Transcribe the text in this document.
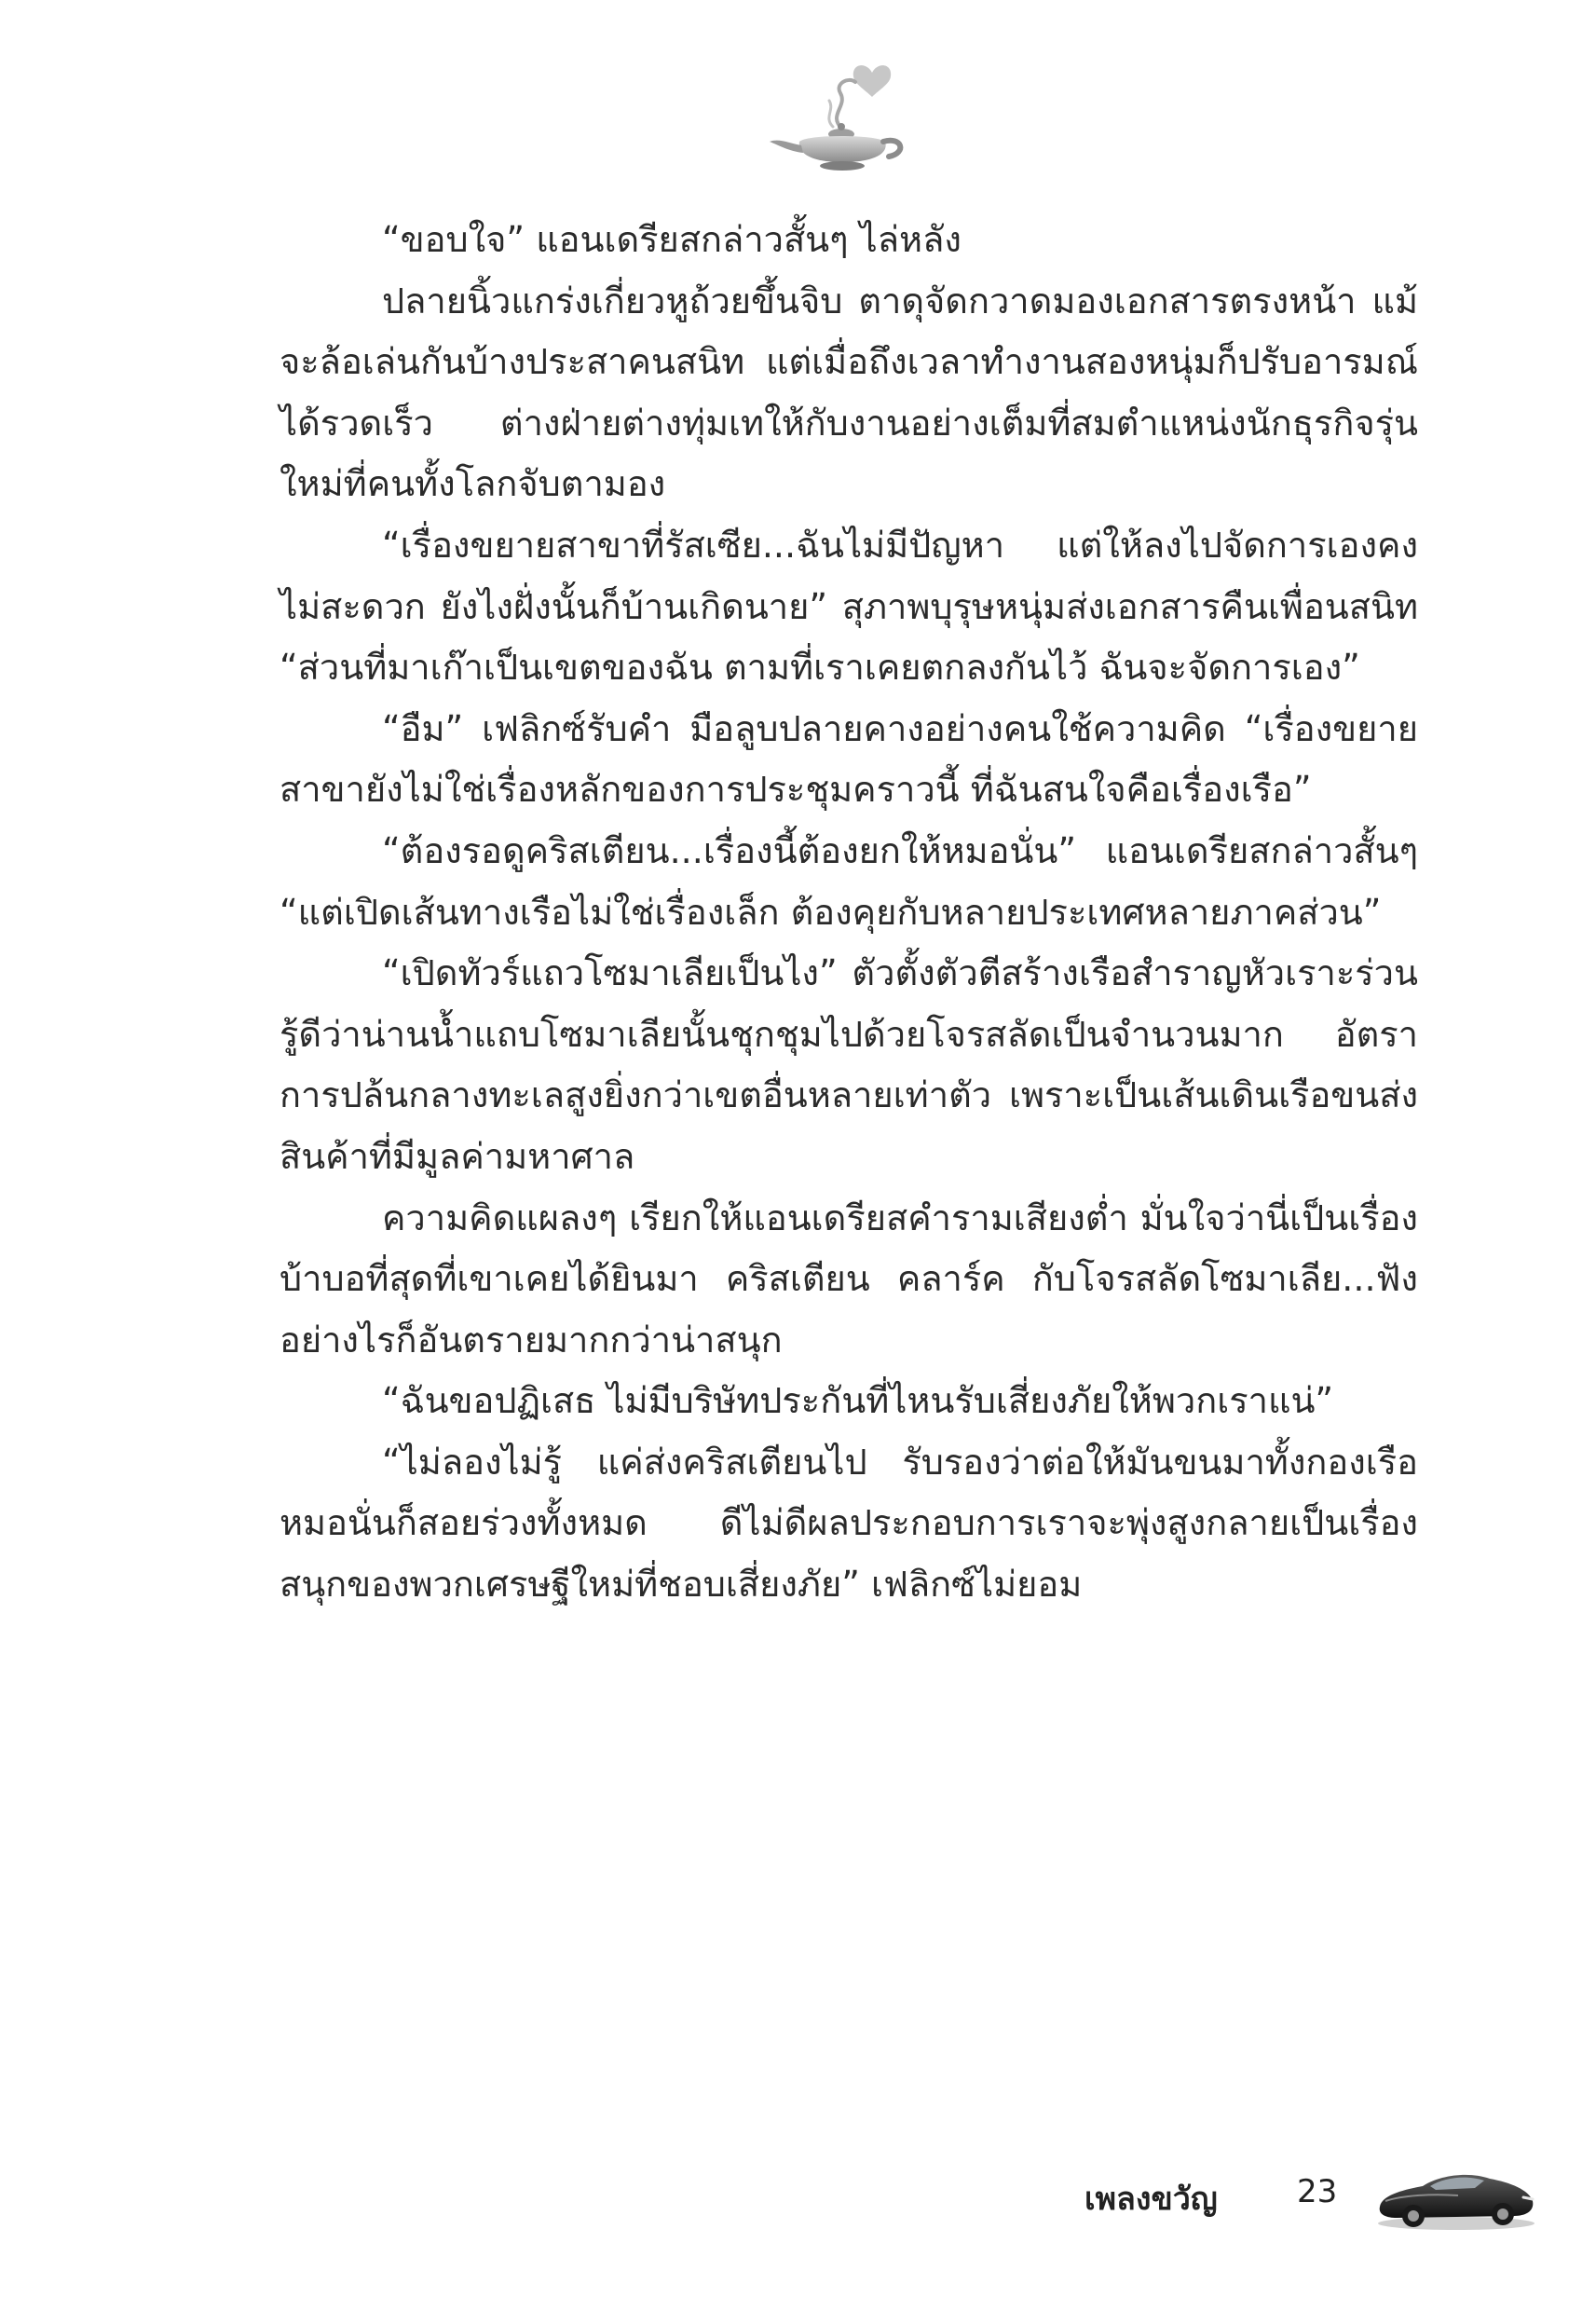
“ขอบใจ” แอนเดรียสกล่าวสั้นๆ ไล่หลัง

ปลายนิ้วแกร่งเกี่ยวหูถ้วยขึ้นจิบ ตาดุจัดกวาดมองเอกสารตรงหน้า แม้จะล้อเล่นกันบ้างประสาคนสนิท แต่เมื่อถึงเวลาทำงานสองหนุ่มก็ปรับอารมณ์ได้รวดเร็ว ต่างฝ่ายต่างทุ่มเทให้กับงานอย่างเต็มที่สมตำแหน่งนักธุรกิจรุ่นใหม่ที่คนทั้งโลกจับตามอง

“เรื่องขยายสาขาที่รัสเซีย...ฉันไม่มีปัญหา แต่ให้ลงไปจัดการเองคงไม่สะดวก ยังไงฝั่งนั้นก็บ้านเกิดนาย” สุภาพบุรุษหนุ่มส่งเอกสารคืนเพื่อนสนิท “ส่วนที่มาเก๊าเป็นเขตของฉัน ตามที่เราเคยตกลงกันไว้ ฉันจะจัดการเอง”

“อืม” เฟลิกซ์รับคำ มือลูบปลายคางอย่างคนใช้ความคิด “เรื่องขยายสาขายังไม่ใช่เรื่องหลักของการประชุมคราวนี้ ที่ฉันสนใจคือเรื่องเรือ”

“ต้องรอดูคริสเตียน...เรื่องนี้ต้องยกให้หมอนั่น” แอนเดรียสกล่าวสั้นๆ “แต่เปิดเส้นทางเรือไม่ใช่เรื่องเล็ก ต้องคุยกับหลายประเทศหลายภาคส่วน”

“เปิดทัวร์แถวโซมาเลียเป็นไง” ตัวตั้งตัวตีสร้างเรือสำราญหัวเราะร่วน รู้ดีว่าน่านน้ำแถบโซมาเลียนั้นชุกชุมไปด้วยโจรสลัดเป็นจำนวนมาก อัตราการปล้นกลางทะเลสูงยิ่งกว่าเขตอื่นหลายเท่าตัว เพราะเป็นเส้นเดินเรือขนส่งสินค้าที่มีมูลค่ามหาศาล

ความคิดแผลงๆ เรียกให้แอนเดรียสคำรามเสียงต่ำ มั่นใจว่านี่เป็นเรื่องบ้าบอที่สุดที่เขาเคยได้ยินมา คริสเตียน คลาร์ค กับโจรสลัดโซมาเลีย...ฟังอย่างไรก็อันตรายมากกว่าน่าสนุก

“ฉันขอปฏิเสธ ไม่มีบริษัทประกันที่ไหนรับเสี่ยงภัยให้พวกเราแน่”

“ไม่ลองไม่รู้ แค่ส่งคริสเตียนไป รับรองว่าต่อให้มันขนมาทั้งกองเรือ หมอนั่นก็สอยร่วงทั้งหมด ดีไม่ดีผลประกอบการเราจะพุ่งสูงกลายเป็นเรื่องสนุกของพวกเศรษฐีใหม่ที่ชอบเสี่ยงภัย” เฟลิกซ์ไม่ยอม

เพลงขวัญ	23
